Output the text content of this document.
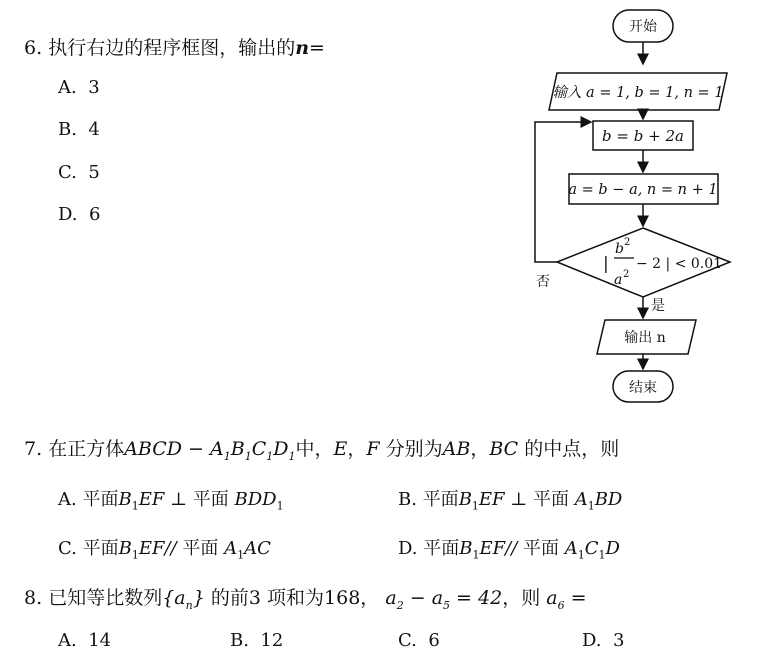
6. 执行右边的程序框图，输出的n=
A. 3
B. 4
C. 5
D. 6
开始
输入 a = 1, b = 1, n = 1
b = b + 2a
a = b − a, n = n + 1
|
b 2
a 2
− 2 | < 0.01
否
是
输出 n
结束
7. 在正方体ABCD − $A_1B_1C_1D_1$中，E，F 分别为AB，BC 的中点，则
A. 平面$B_1EF$ ⊥ 平面 $BDD_1$	B. 平面$B_1EF$ ⊥ 平面 $A_1BD$
C. 平面$B_1EF//$ 平面 $A_1AC$	D. 平面$B_1EF//$ 平面 $A_1C_1D$
8. 已知等比数列$\{a_n\}$ 的前3 项和为168， $a_2 - a_5 = 42$，则 $a_6$ =
A. 14	B. 12	C. 6	D. 3
